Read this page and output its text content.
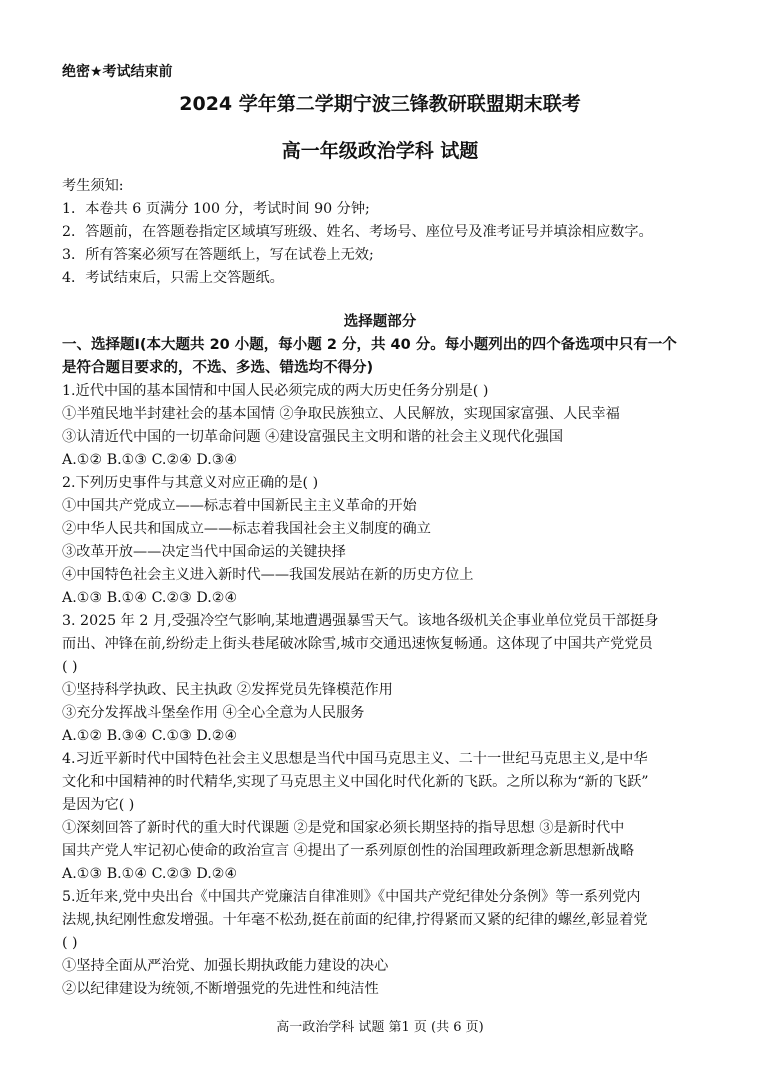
绝密★考试结束前
2024 学年第二学期宁波三锋教研联盟期末联考
高一年级政治学科 试题
考生须知:
1．本卷共 6 页满分 100 分，考试时间 90 分钟;
2．答题前，在答题卷指定区域填写班级、姓名、考场号、座位号及准考证号并填涂相应数字。
3．所有答案必须写在答题纸上，写在试卷上无效;
4．考试结束后，只需上交答题纸。
选择题部分
一、选择题Ⅰ(本大题共 20 小题，每小题 2 分，共 40 分。每小题列出的四个备选项中只有一个
是符合题目要求的，不选、多选、错选均不得分)
1.近代中国的基本国情和中国人民必须完成的两大历史任务分别是( )
①半殖民地半封建社会的基本国情 ②争取民族独立、人民解放，实现国家富强、人民幸福
③认清近代中国的一切革命问题 ④建设富强民主文明和谐的社会主义现代化强国
A.①② B.①③ C.②④ D.③④
2.下列历史事件与其意义对应正确的是( )
①中国共产党成立——标志着中国新民主主义革命的开始
②中华人民共和国成立——标志着我国社会主义制度的确立
③改革开放——决定当代中国命运的关键抉择
④中国特色社会主义进入新时代——我国发展站在新的历史方位上
A.①③ B.①④ C.②③ D.②④
3. 2025 年 2 月,受强冷空气影响,某地遭遇强暴雪天气。该地各级机关企事业单位党员干部挺身
而出、冲锋在前,纷纷走上街头巷尾破冰除雪,城市交通迅速恢复畅通。这体现了中国共产党党员
( )
①坚持科学执政、民主执政 ②发挥党员先锋模范作用
③充分发挥战斗堡垒作用 ④全心全意为人民服务
A.①② B.③④ C.①③ D.②④
4.习近平新时代中国特色社会主义思想是当代中国马克思主义、二十一世纪马克思主义,是中华
文化和中国精神的时代精华,实现了马克思主义中国化时代化新的飞跃。之所以称为“新的飞跃”
是因为它( )
①深刻回答了新时代的重大时代课题 ②是党和国家必须长期坚持的指导思想 ③是新时代中
国共产党人牢记初心使命的政治宣言 ④提出了一系列原创性的治国理政新理念新思想新战略
A.①③ B.①④ C.②③ D.②④
5.近年来,党中央出台《中国共产党廉洁自律准则》《中国共产党纪律处分条例》等一系列党内
法规,执纪刚性愈发增强。十年毫不松劲,挺在前面的纪律,拧得紧而又紧的纪律的螺丝,彰显着党
( )
①坚持全面从严治党、加强长期执政能力建设的决心
②以纪律建设为统领,不断增强党的先进性和纯洁性
高一政治学科 试题 第1 页 (共 6 页)
